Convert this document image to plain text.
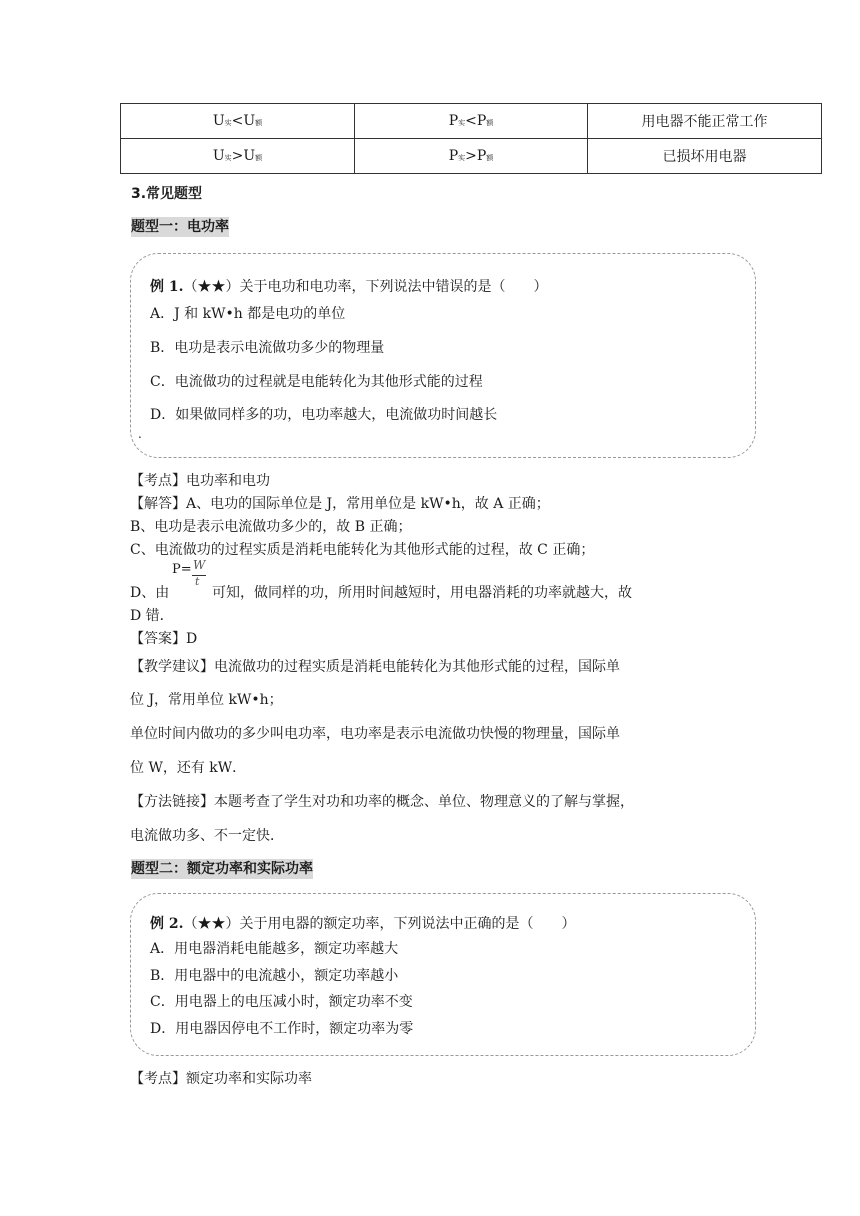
U实<U额	P实<P额	用电器不能正常工作
U实>U额	P实>P额	已损坏用电器
3.常见题型
题型一：电功率
例 1.（★★）关于电功和电功率，下列说法中错误的是（　　）
A．J 和 kW•h 都是电功的单位
B．电功是表示电流做功多少的物理量
C．电流做功的过程就是电能转化为其他形式能的过程
D．如果做同样多的功，电功率越大，电流做功时间越长
.
【考点】电功率和电功
【解答】A、电功的国际单位是 J，常用单位是 kW•h，故 A 正确；
B、电功是表示电流做功多少的，故 B 正确；
C、电流做功的过程实质是消耗电能转化为其他形式能的过程，故 C 正确；
D、由
P= W
t
可知，做同样的功，所用时间越短时，用电器消耗的功率就越大，故
D 错．
【答案】D
【教学建议】电流做功的过程实质是消耗电能转化为其他形式能的过程，国际单
位 J，常用单位 kW•h；
单位时间内做功的多少叫电功率，电功率是表示电流做功快慢的物理量，国际单
位 W，还有 kW．
【方法链接】本题考查了学生对功和功率的概念、单位、物理意义的了解与掌握，
电流做功多、不一定快．
题型二：额定功率和实际功率
例 2.（★★）关于用电器的额定功率，下列说法中正确的是（　　）
A．用电器消耗电能越多，额定功率越大
B．用电器中的电流越小，额定功率越小
C．用电器上的电压减小时，额定功率不变
D．用电器因停电不工作时，额定功率为零
【考点】额定功率和实际功率
